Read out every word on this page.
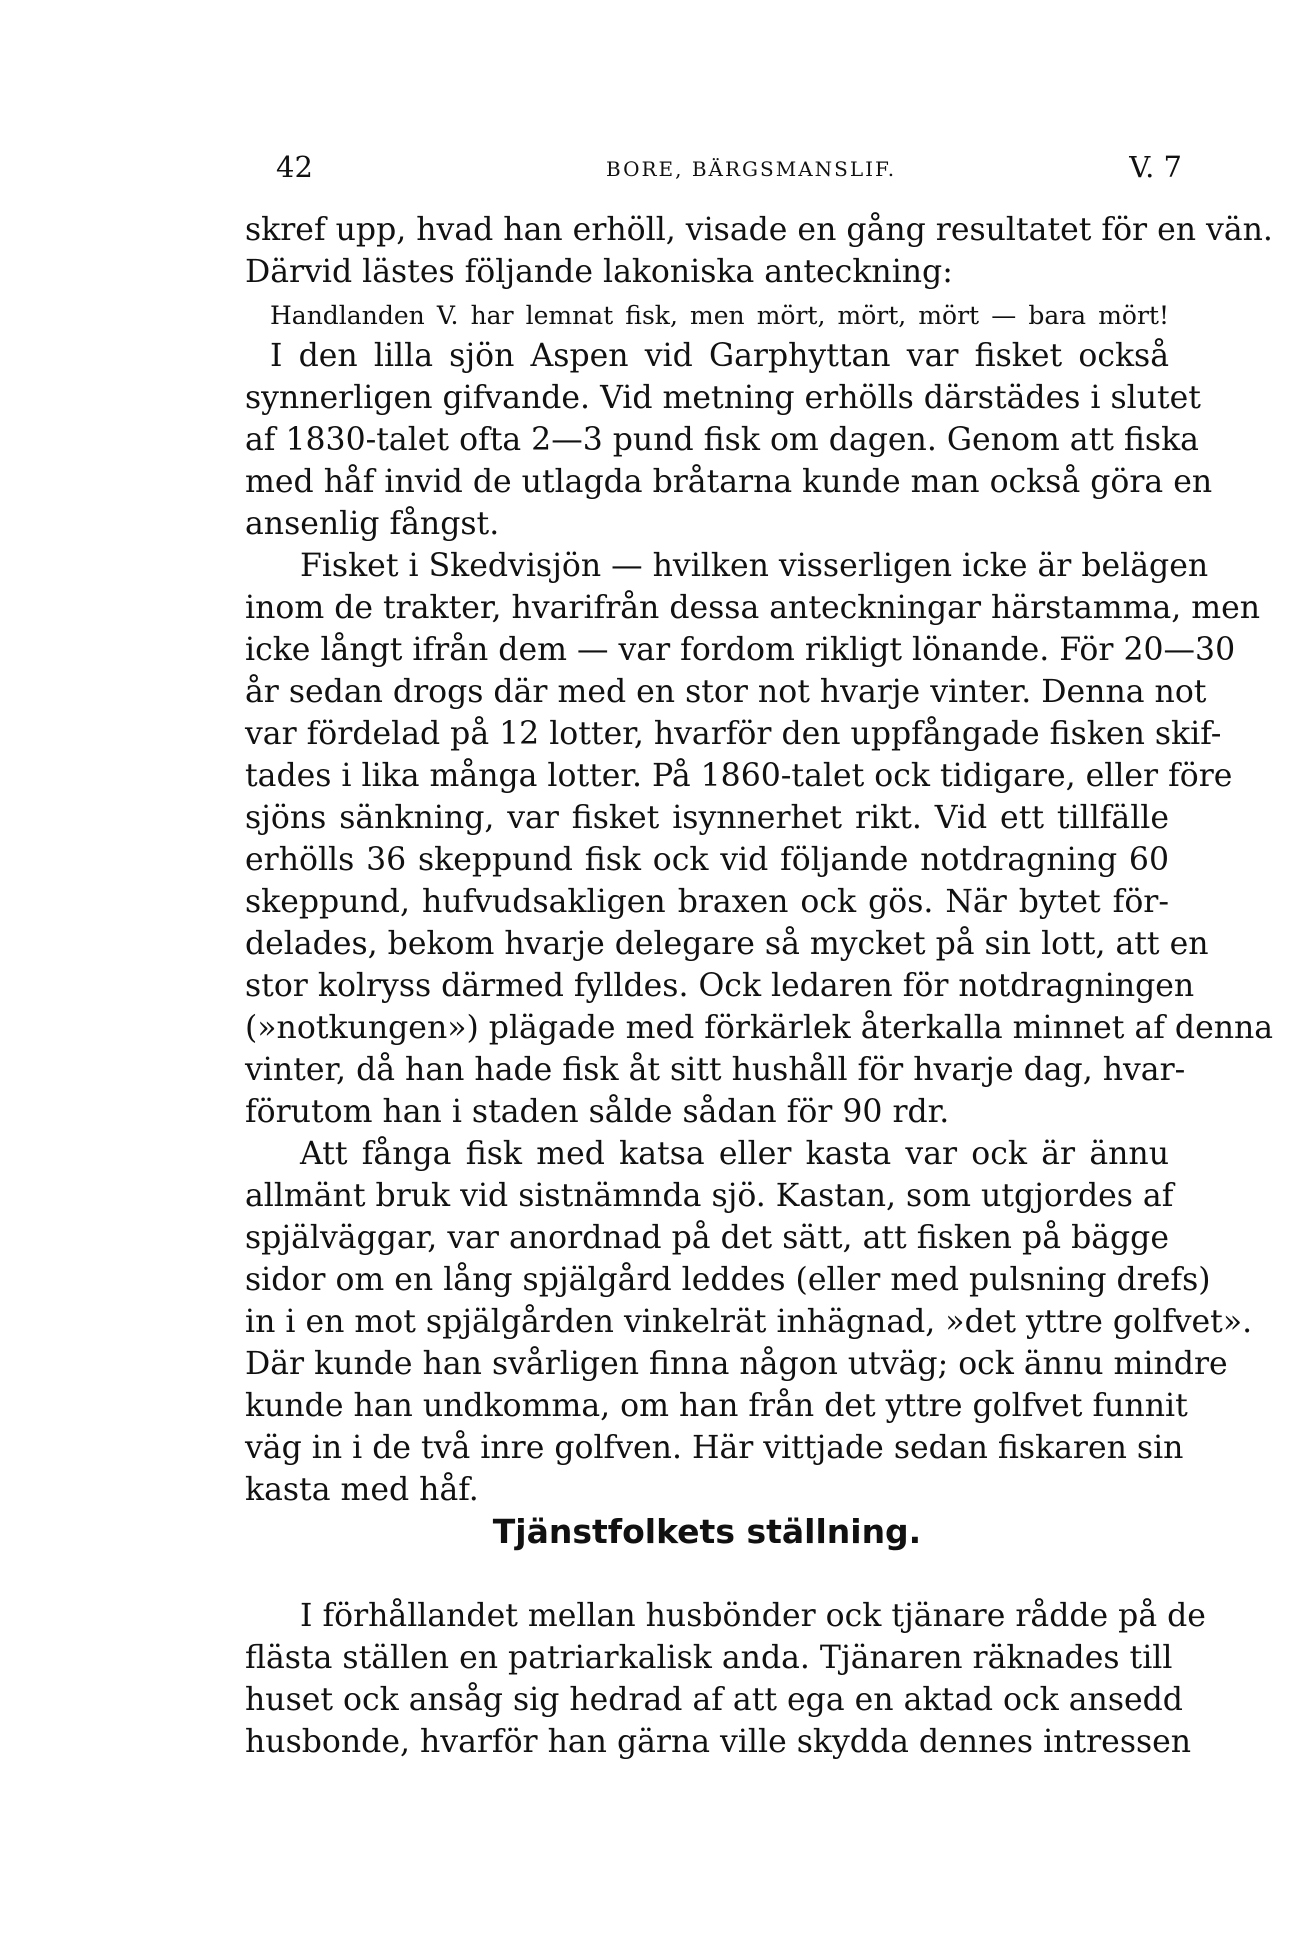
42	BORE, BÄRGSMANSLIF.	V. 7
skref upp, hvad han erhöll, visade en gång resultatet för en vän.
Därvid lästes följande lakoniska anteckning:
Handlanden V. har lemnat fisk, men mört, mört, mört — bara mört!
I den lilla sjön Aspen vid Garphyttan var fisket också
synnerligen gifvande. Vid metning erhölls därstädes i slutet
af 1830-talet ofta 2—3 pund fisk om dagen. Genom att fiska
med håf invid de utlagda bråtarna kunde man också göra en
ansenlig fångst.
Fisket i Skedvisjön — hvilken visserligen icke är belägen
inom de trakter, hvarifrån dessa anteckningar härstamma, men
icke långt ifrån dem — var fordom rikligt lönande. För 20—30
år sedan drogs där med en stor not hvarje vinter. Denna not
var fördelad på 12 lotter, hvarför den uppfångade fisken skif-
tades i lika många lotter. På 1860-talet ock tidigare, eller före
sjöns sänkning, var fisket isynnerhet rikt. Vid ett tillfälle
erhölls 36 skeppund fisk ock vid följande notdragning 60
skeppund, hufvudsakligen braxen ock gös. När bytet för-
delades, bekom hvarje delegare så mycket på sin lott, att en
stor kolryss därmed fylldes. Ock ledaren för notdragningen
(»notkungen») plägade med förkärlek återkalla minnet af denna
vinter, då han hade fisk åt sitt hushåll för hvarje dag, hvar-
förutom han i staden sålde sådan för 90 rdr.
Att fånga fisk med katsa eller kasta var ock är ännu
allmänt bruk vid sistnämnda sjö. Kastan, som utgjordes af
spjälväggar, var anordnad på det sätt, att fisken på bägge
sidor om en lång spjälgård leddes (eller med pulsning drefs)
in i en mot spjälgården vinkelrät inhägnad, »det yttre golfvet».
Där kunde han svårligen finna någon utväg; ock ännu mindre
kunde han undkomma, om han från det yttre golfvet funnit
väg in i de två inre golfven. Här vittjade sedan fiskaren sin
kasta med håf.
Tjänstfolkets ställning.
I förhållandet mellan husbönder ock tjänare rådde på de
flästa ställen en patriarkalisk anda. Tjänaren räknades till
huset ock ansåg sig hedrad af att ega en aktad ock ansedd
husbonde, hvarför han gärna ville skydda dennes intressen
